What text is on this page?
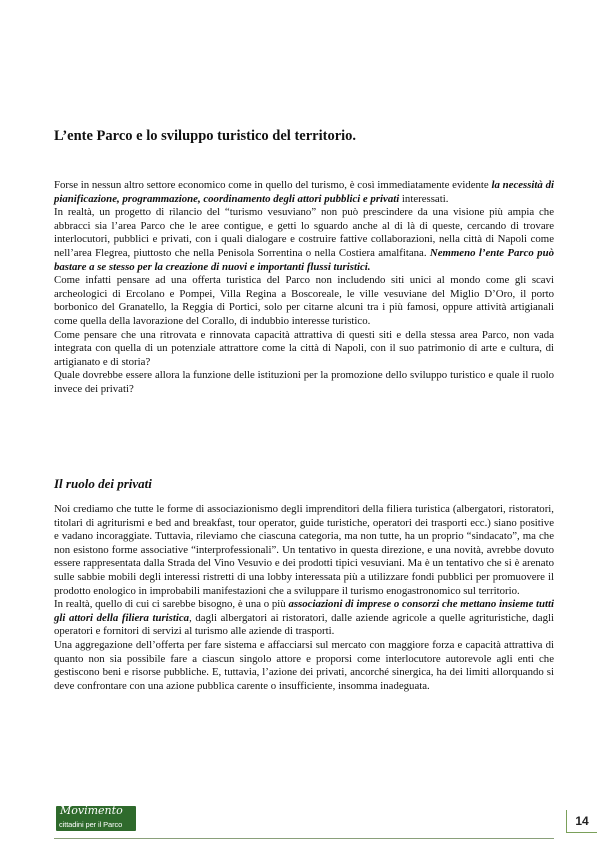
L’ente Parco e lo sviluppo turistico del territorio.

Forse in nessun altro settore economico come in quello del turismo, è così immediatamente evidente la necessità di pianificazione, programmazione, coordinamento degli attori pubblici e privati interessati.

In realtà, un progetto di rilancio del “turismo vesuviano” non può prescindere da una visione più ampia che abbracci sia l’area Parco che le aree contigue, e getti lo sguardo anche al di là di queste, cercando di trovare interlocutori, pubblici e privati, con i quali dialogare e costruire fattive collaborazioni, nella città di Napoli come nell’area Flegrea, piuttosto che nella Penisola Sorrentina o nella Costiera amalfitana. Nemmeno l’ente Parco può bastare a se stesso per la creazione di nuovi e importanti flussi turistici.

Come infatti pensare ad una offerta turistica del Parco non includendo siti unici al mondo come gli scavi archeologici di Ercolano e Pompei, Villa Regina a Boscoreale, le ville vesuviane del Miglio D’Oro, il porto borbonico del Granatello, la Reggia di Portici, solo per citarne alcuni tra i più famosi, oppure attività artigianali come quella della lavorazione del Corallo, di indubbio interesse turistico.

Come pensare che una ritrovata e rinnovata capacità attrattiva di questi siti e della stessa area Parco, non vada integrata con quella di un potenziale attrattore come la città di Napoli, con il suo patrimonio di arte e cultura, di artigianato e di storia?

Quale dovrebbe essere allora la funzione delle istituzioni per la promozione dello sviluppo turistico e quale il ruolo invece dei privati?

Il ruolo dei privati

Noi crediamo che tutte le forme di associazionismo degli imprenditori della filiera turistica (albergatori, ristoratori, titolari di agriturismi e bed and breakfast, tour operator, guide turistiche, operatori dei trasporti ecc.) siano positive e vadano incoraggiate. Tuttavia, rileviamo che ciascuna categoria, ma non tutte, ha un proprio “sindacato”, ma che non esistono forme associative “interprofessionali”. Un tentativo in questa direzione, e una novità, avrebbe dovuto essere rappresentata dalla Strada del Vino Vesuvio e dei prodotti tipici vesuviani. Ma è un tentativo che si è arenato sulle sabbie mobili degli interessi ristretti di una lobby interessata più a utilizzare fondi pubblici per promuovere il prodotto enologico in improbabili manifestazioni che a sviluppare il turismo enogastronomico sul territorio.

In realtà, quello di cui ci sarebbe bisogno, è una o più associazioni di imprese o consorzi che mettano insieme tutti gli attori della filiera turistica, dagli albergatori ai ristoratori, dalle aziende agricole a quelle agrituristiche, dagli operatori e fornitori di servizi al turismo alle aziende di trasporti.

Una aggregazione dell’offerta per fare sistema e affacciarsi sul mercato con maggiore forza e capacità attrattiva di quanto non sia possibile fare a ciascun singolo attore e proporsi come interlocutore autorevole agli enti che gestiscono beni e risorse pubbliche. E, tuttavia, l’azione dei privati, ancorché sinergica, ha dei limiti allorquando si deve confrontare con una azione pubblica carente o insufficiente, insomma inadeguata.

Movimento
cittadini per il Parco	14
